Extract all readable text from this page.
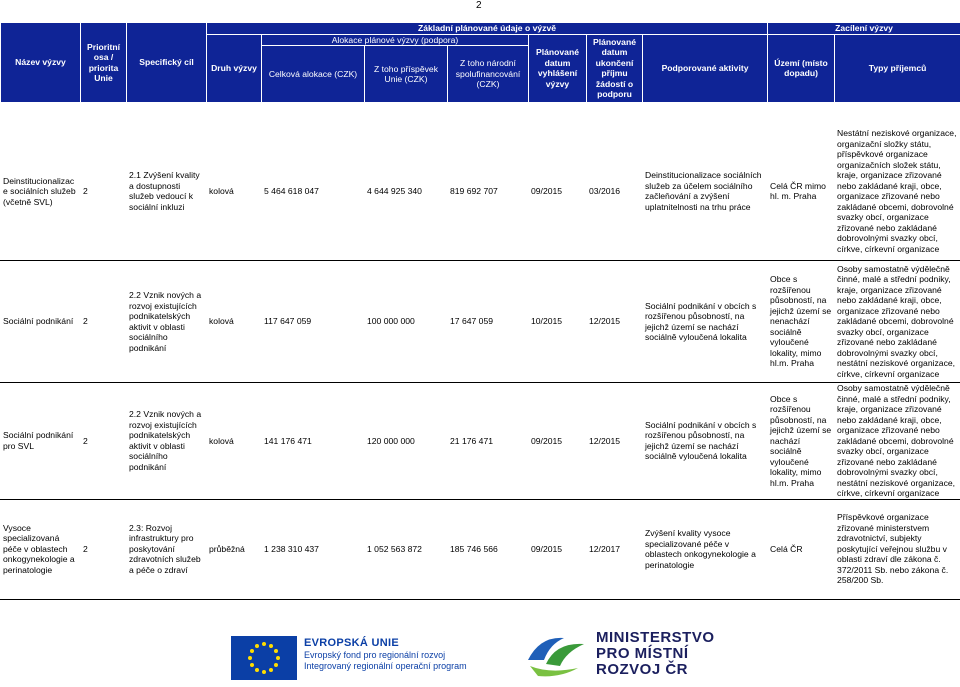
2
Název výzvy	Prioritní osa / priorita Unie	Specifický cíl	Základní plánované údaje o výzvě							Zacílení výzvy	
			Druh výzvy	Alokace plánové výzvy (podpora)			Plánované datum vyhlášení výzvy	Plánované datum ukončení příjmu žádostí o podporu	Podporované aktivity	Území (místo dopadu)	Typy příjemců
				Celková alokace (CZK)	Z toho příspěvek Unie (CZK)	Z toho národní spolufinancování (CZK)					

Deinstitucionalizace sociálních služeb (včetně SVL)	2	2.1 Zvýšení kvality a dostupnosti služeb vedoucí k sociální inkluzi	kolová	5 464 618 047	4 644 925 340	819 692 707	09/2015	03/2016	Deinstitucionalizace sociálních služeb za účelem sociálního začleňování a zvýšení uplatnitelnosti na trhu práce	Celá ČR mimo hl. m. Praha	Nestátní neziskové organizace, organizační složky státu, příspěvkové organizace organizačních složek státu, kraje, organizace zřizované nebo zakládané kraji, obce, organizace zřizované nebo zakládané obcemi, dobrovolné svazky obcí, organizace zřizované nebo zakládané dobrovolnými svazky obcí, církve, církevní organizace
Sociální podnikání	2	2.2 Vznik nových a rozvoj existujících podnikatelských aktivit v oblasti sociálního podnikání	kolová	117 647 059	100 000 000	17 647 059	10/2015	12/2015	Sociální podnikání v obcích s rozšířenou působností, na jejichž území se nachází sociálně vyloučená lokalita	Obce s rozšířenou působností, na jejichž území se nenachází sociálně vyloučené lokality, mimo hl.m. Praha	Osoby samostatně výdělečně činné, malé a střední podniky, kraje, organizace zřizované nebo zakládané kraji, obce, organizace zřizované nebo zakládané obcemi, dobrovolné svazky obcí, organizace zřizované nebo zakládané dobrovolnými svazky obcí, nestátní neziskové organizace, církve, církevní organizace
Sociální podnikání pro SVL	2	2.2 Vznik nových a rozvoj existujících podnikatelských aktivit v oblasti sociálního podnikání	kolová	141 176 471	120 000 000	21 176 471	09/2015	12/2015	Sociální podnikání v obcích s rozšířenou působností, na jejichž území se nachází sociálně vyloučená lokalita	Obce s rozšířenou působností, na jejichž území se nachází sociálně vyloučené lokality, mimo hl.m. Praha	Osoby samostatně výdělečně činné, malé a střední podniky, kraje, organizace zřizované nebo zakládané kraji, obce, organizace zřizované nebo zakládané obcemi, dobrovolné svazky obcí, organizace zřizované nebo zakládané dobrovolnými svazky obcí, nestátní neziskové organizace, církve, církevní organizace
Vysoce specializovaná péče v oblastech onkogynekologie a perinatologie	2	2.3: Rozvoj infrastruktury pro poskytování zdravotních služeb a péče o zdraví	průběžná	1 238 310 437	1 052 563 872	185 746 566	09/2015	12/2017	Zvýšení kvality vysoce specializované péče v oblastech onkogynekologie a perinatologie	Celá ČR	Příspěvkové organizace zřizované ministerstvem zdravotnictví, subjekty poskytující veřejnou službu v oblasti zdraví dle zákona č. 372/2011 Sb. nebo zákona č. 258/200 Sb.
EVROPSKÁ UNIE
Evropský fond pro regionální rozvoj
Integrovaný regionální operační program
MINISTERSTVO
PRO MÍSTNÍ
ROZVOJ ČR
